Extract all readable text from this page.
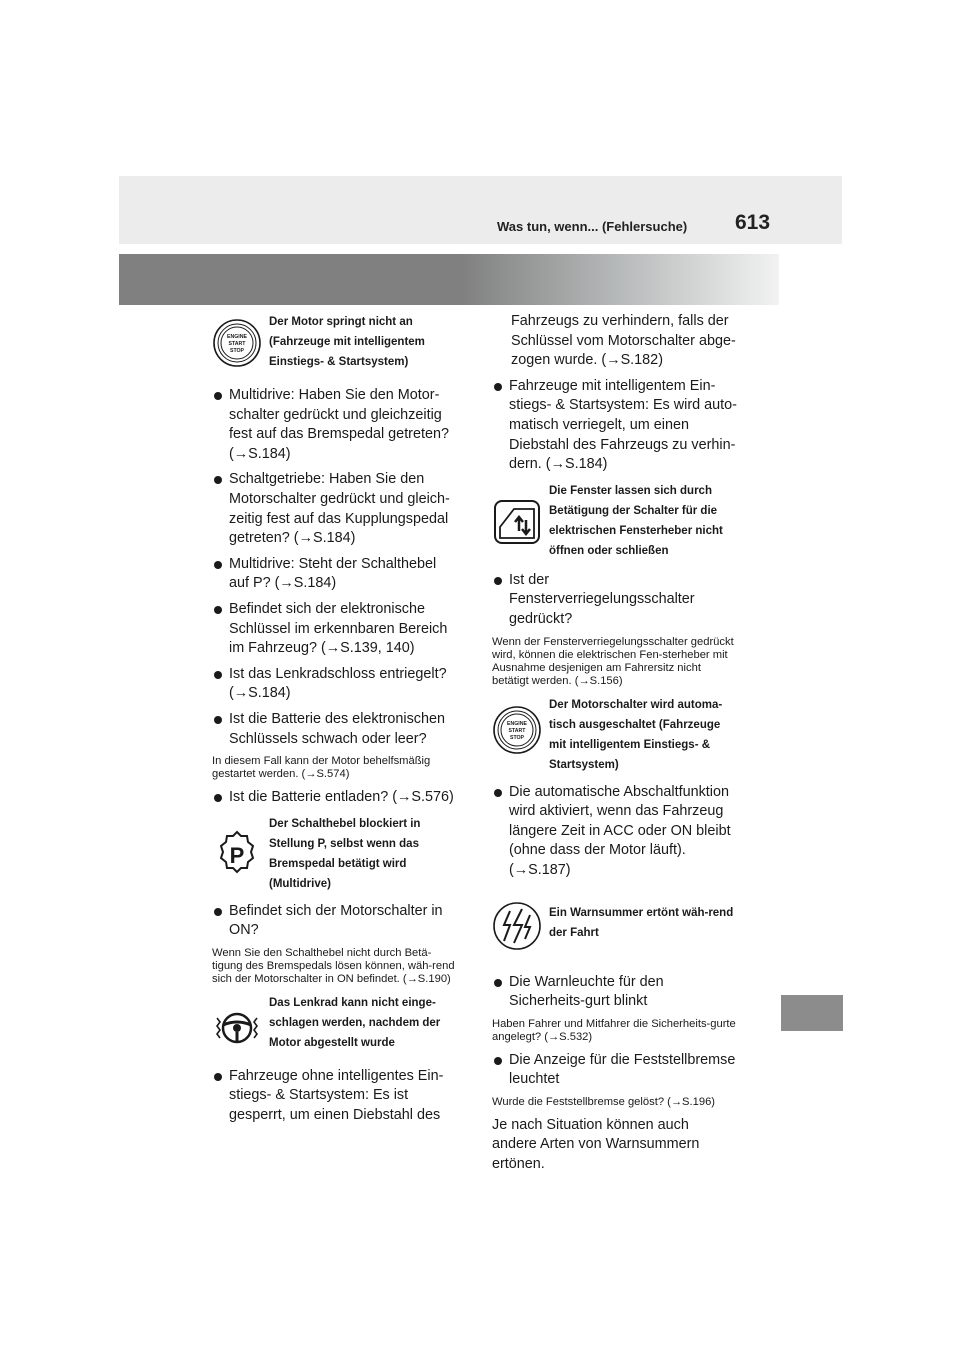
Was tun, wenn... (Fehlersuche) 613
ENGINE
START
STOP
Der Motor springt nicht an (Fahrzeuge mit intelligentem Einstiegs- & Startsystem)
Multidrive: Haben Sie den Motor-schalter gedrückt und gleichzeitig fest auf das Bremspedal getreten? (→S.184)
Schaltgetriebe: Haben Sie den Motorschalter gedrückt und gleich-zeitig fest auf das Kupplungspedal getreten? (→S.184)
Multidrive: Steht der Schalthebel auf P? (→S.184)
Befindet sich der elektronische Schlüssel im erkennbaren Bereich im Fahrzeug? (→S.139, 140)
Ist das Lenkradschloss entriegelt? (→S.184)
Ist die Batterie des elektronischen Schlüssels schwach oder leer?
In diesem Fall kann der Motor behelfsmäßig gestartet werden. (→S.574)
Ist die Batterie entladen? (→S.576)
P
Der Schalthebel blockiert in Stellung P, selbst wenn das Bremspedal betätigt wird (Multidrive)
Befindet sich der Motorschalter in ON?
Wenn Sie den Schalthebel nicht durch Betä-tigung des Bremspedals lösen können, wäh-rend sich der Motorschalter in ON befindet. (→S.190)
Das Lenkrad kann nicht einge-schlagen werden, nachdem der Motor abgestellt wurde
Fahrzeuge ohne intelligentes Ein-stiegs- & Startsystem: Es ist gesperrt, um einen Diebstahl des
Fahrzeugs zu verhindern, falls der Schlüssel vom Motorschalter abge-zogen wurde. (→S.182)
Fahrzeuge mit intelligentem Ein-stiegs- & Startsystem: Es wird auto-matisch verriegelt, um einen Diebstahl des Fahrzeugs zu verhin-dern. (→S.184)
Die Fenster lassen sich durch Betätigung der Schalter für die elektrischen Fensterheber nicht öffnen oder schließen
Ist der Fensterverriegelungsschalter gedrückt?
Wenn der Fensterverriegelungsschalter gedrückt wird, können die elektrischen Fen-sterheber mit Ausnahme desjenigen am Fahrersitz nicht betätigt werden. (→S.156)
ENGINE
START
STOP
Der Motorschalter wird automa-tisch ausgeschaltet (Fahrzeuge mit intelligentem Einstiegs- & Startsystem)
Die automatische Abschaltfunktion wird aktiviert, wenn das Fahrzeug längere Zeit in ACC oder ON bleibt (ohne dass der Motor läuft). (→S.187)
Ein Warnsummer ertönt wäh-rend der Fahrt
Die Warnleuchte für den Sicherheits-gurt blinkt
Haben Fahrer und Mitfahrer die Sicherheits-gurte angelegt? (→S.532)
Die Anzeige für die Feststellbremse leuchtet
Wurde die Feststellbremse gelöst? (→S.196)
Je nach Situation können auch andere Arten von Warnsummern ertönen.
